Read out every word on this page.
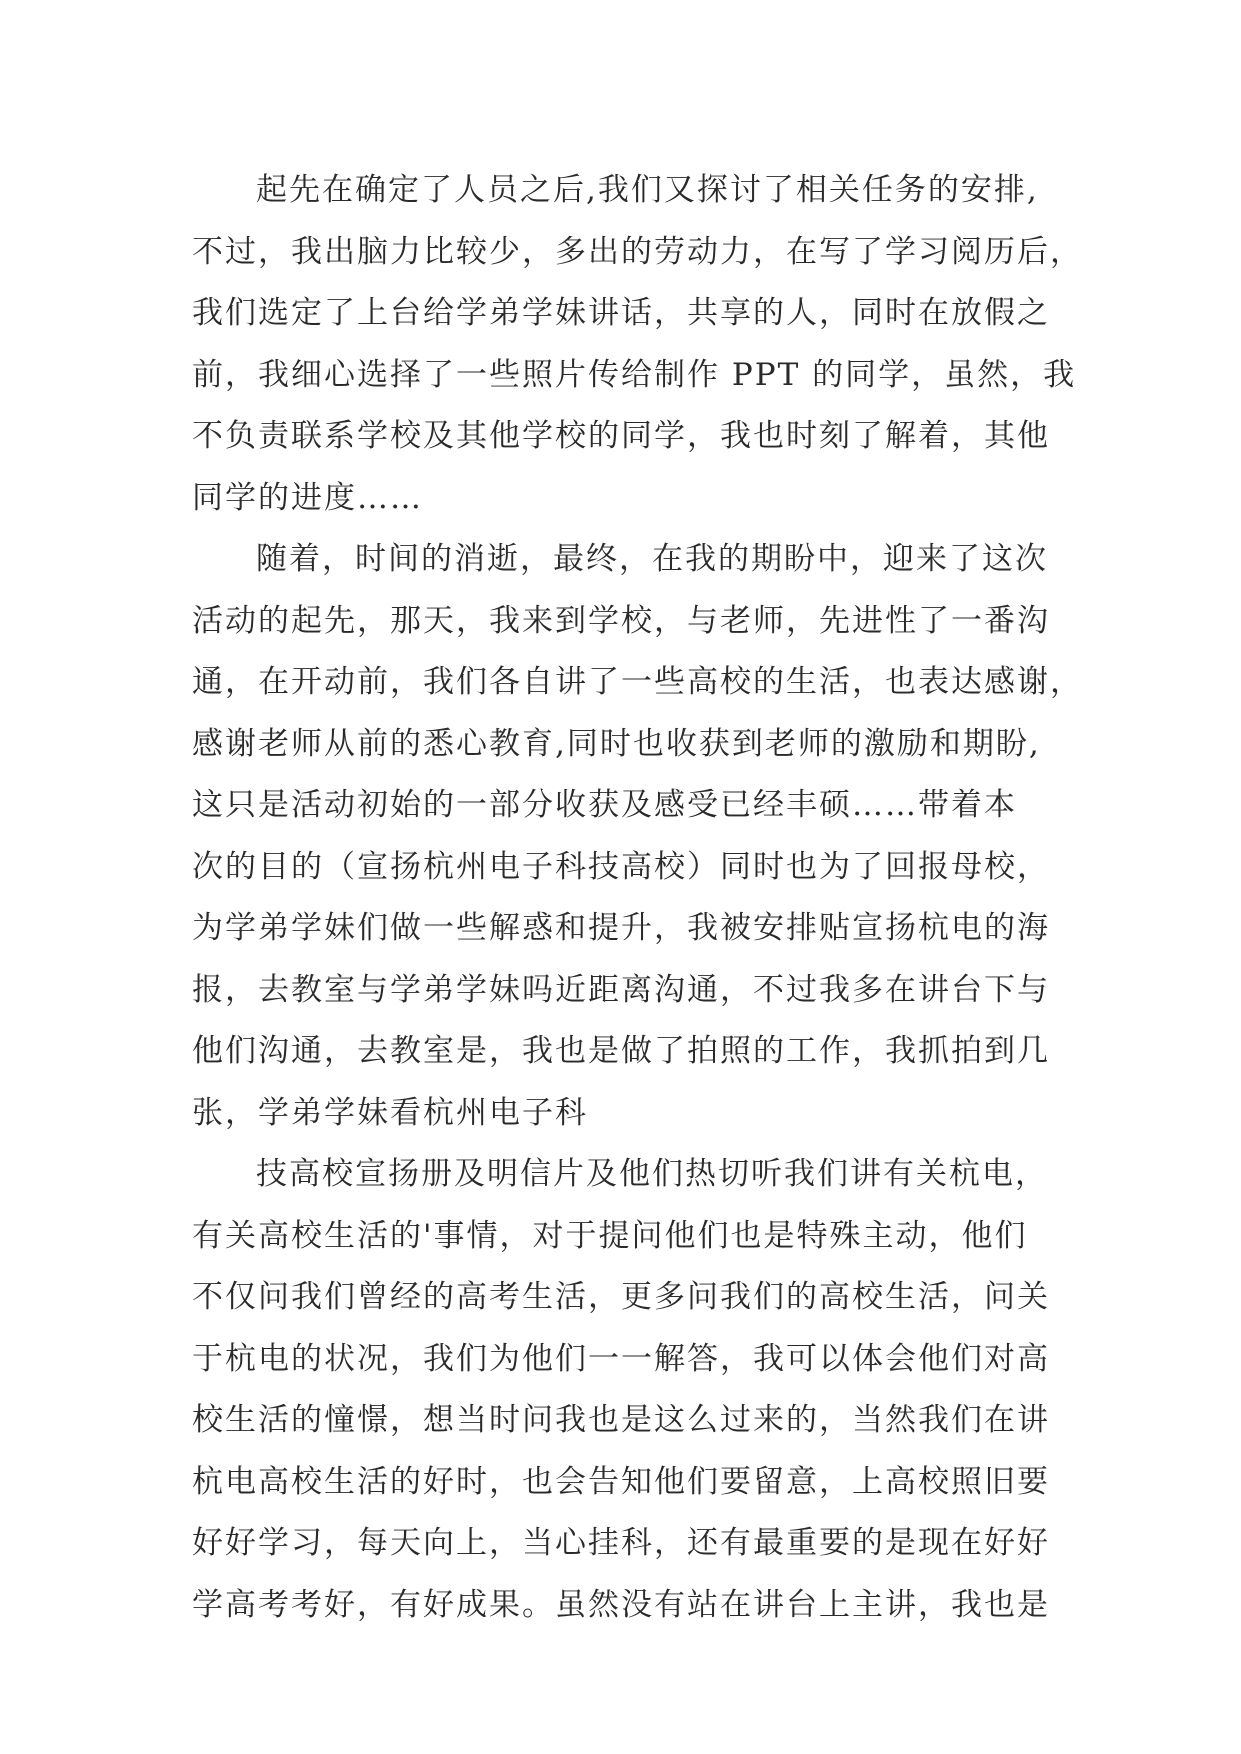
起先在确定了人员之后,我们又探讨了相关任务的安排,
不过，我出脑力比较少，多出的劳动力，在写了学习阅历后，
我们选定了上台给学弟学妹讲话，共享的人，同时在放假之
前，我细心选择了一些照片传给制作 PPT 的同学，虽然，我
不负责联系学校及其他学校的同学，我也时刻了解着，其他
同学的进度……
随着，时间的消逝，最终，在我的期盼中，迎来了这次
活动的起先，那天，我来到学校，与老师，先进性了一番沟
通，在开动前，我们各自讲了一些高校的生活，也表达感谢，
感谢老师从前的悉心教育,同时也收获到老师的激励和期盼,
这只是活动初始的一部分收获及感受已经丰硕……带着本
次的目的（宣扬杭州电子科技高校）同时也为了回报母校，
为学弟学妹们做一些解惑和提升，我被安排贴宣扬杭电的海
报，去教室与学弟学妹吗近距离沟通，不过我多在讲台下与
他们沟通，去教室是，我也是做了拍照的工作，我抓拍到几
张，学弟学妹看杭州电子科
技高校宣扬册及明信片及他们热切听我们讲有关杭电，
有关高校生活的'事情，对于提问他们也是特殊主动，他们
不仅问我们曾经的高考生活，更多问我们的高校生活，问关
于杭电的状况，我们为他们一一解答，我可以体会他们对高
校生活的憧憬，想当时问我也是这么过来的，当然我们在讲
杭电高校生活的好时，也会告知他们要留意，上高校照旧要
好好学习，每天向上，当心挂科，还有最重要的是现在好好
学高考考好，有好成果。虽然没有站在讲台上主讲，我也是
